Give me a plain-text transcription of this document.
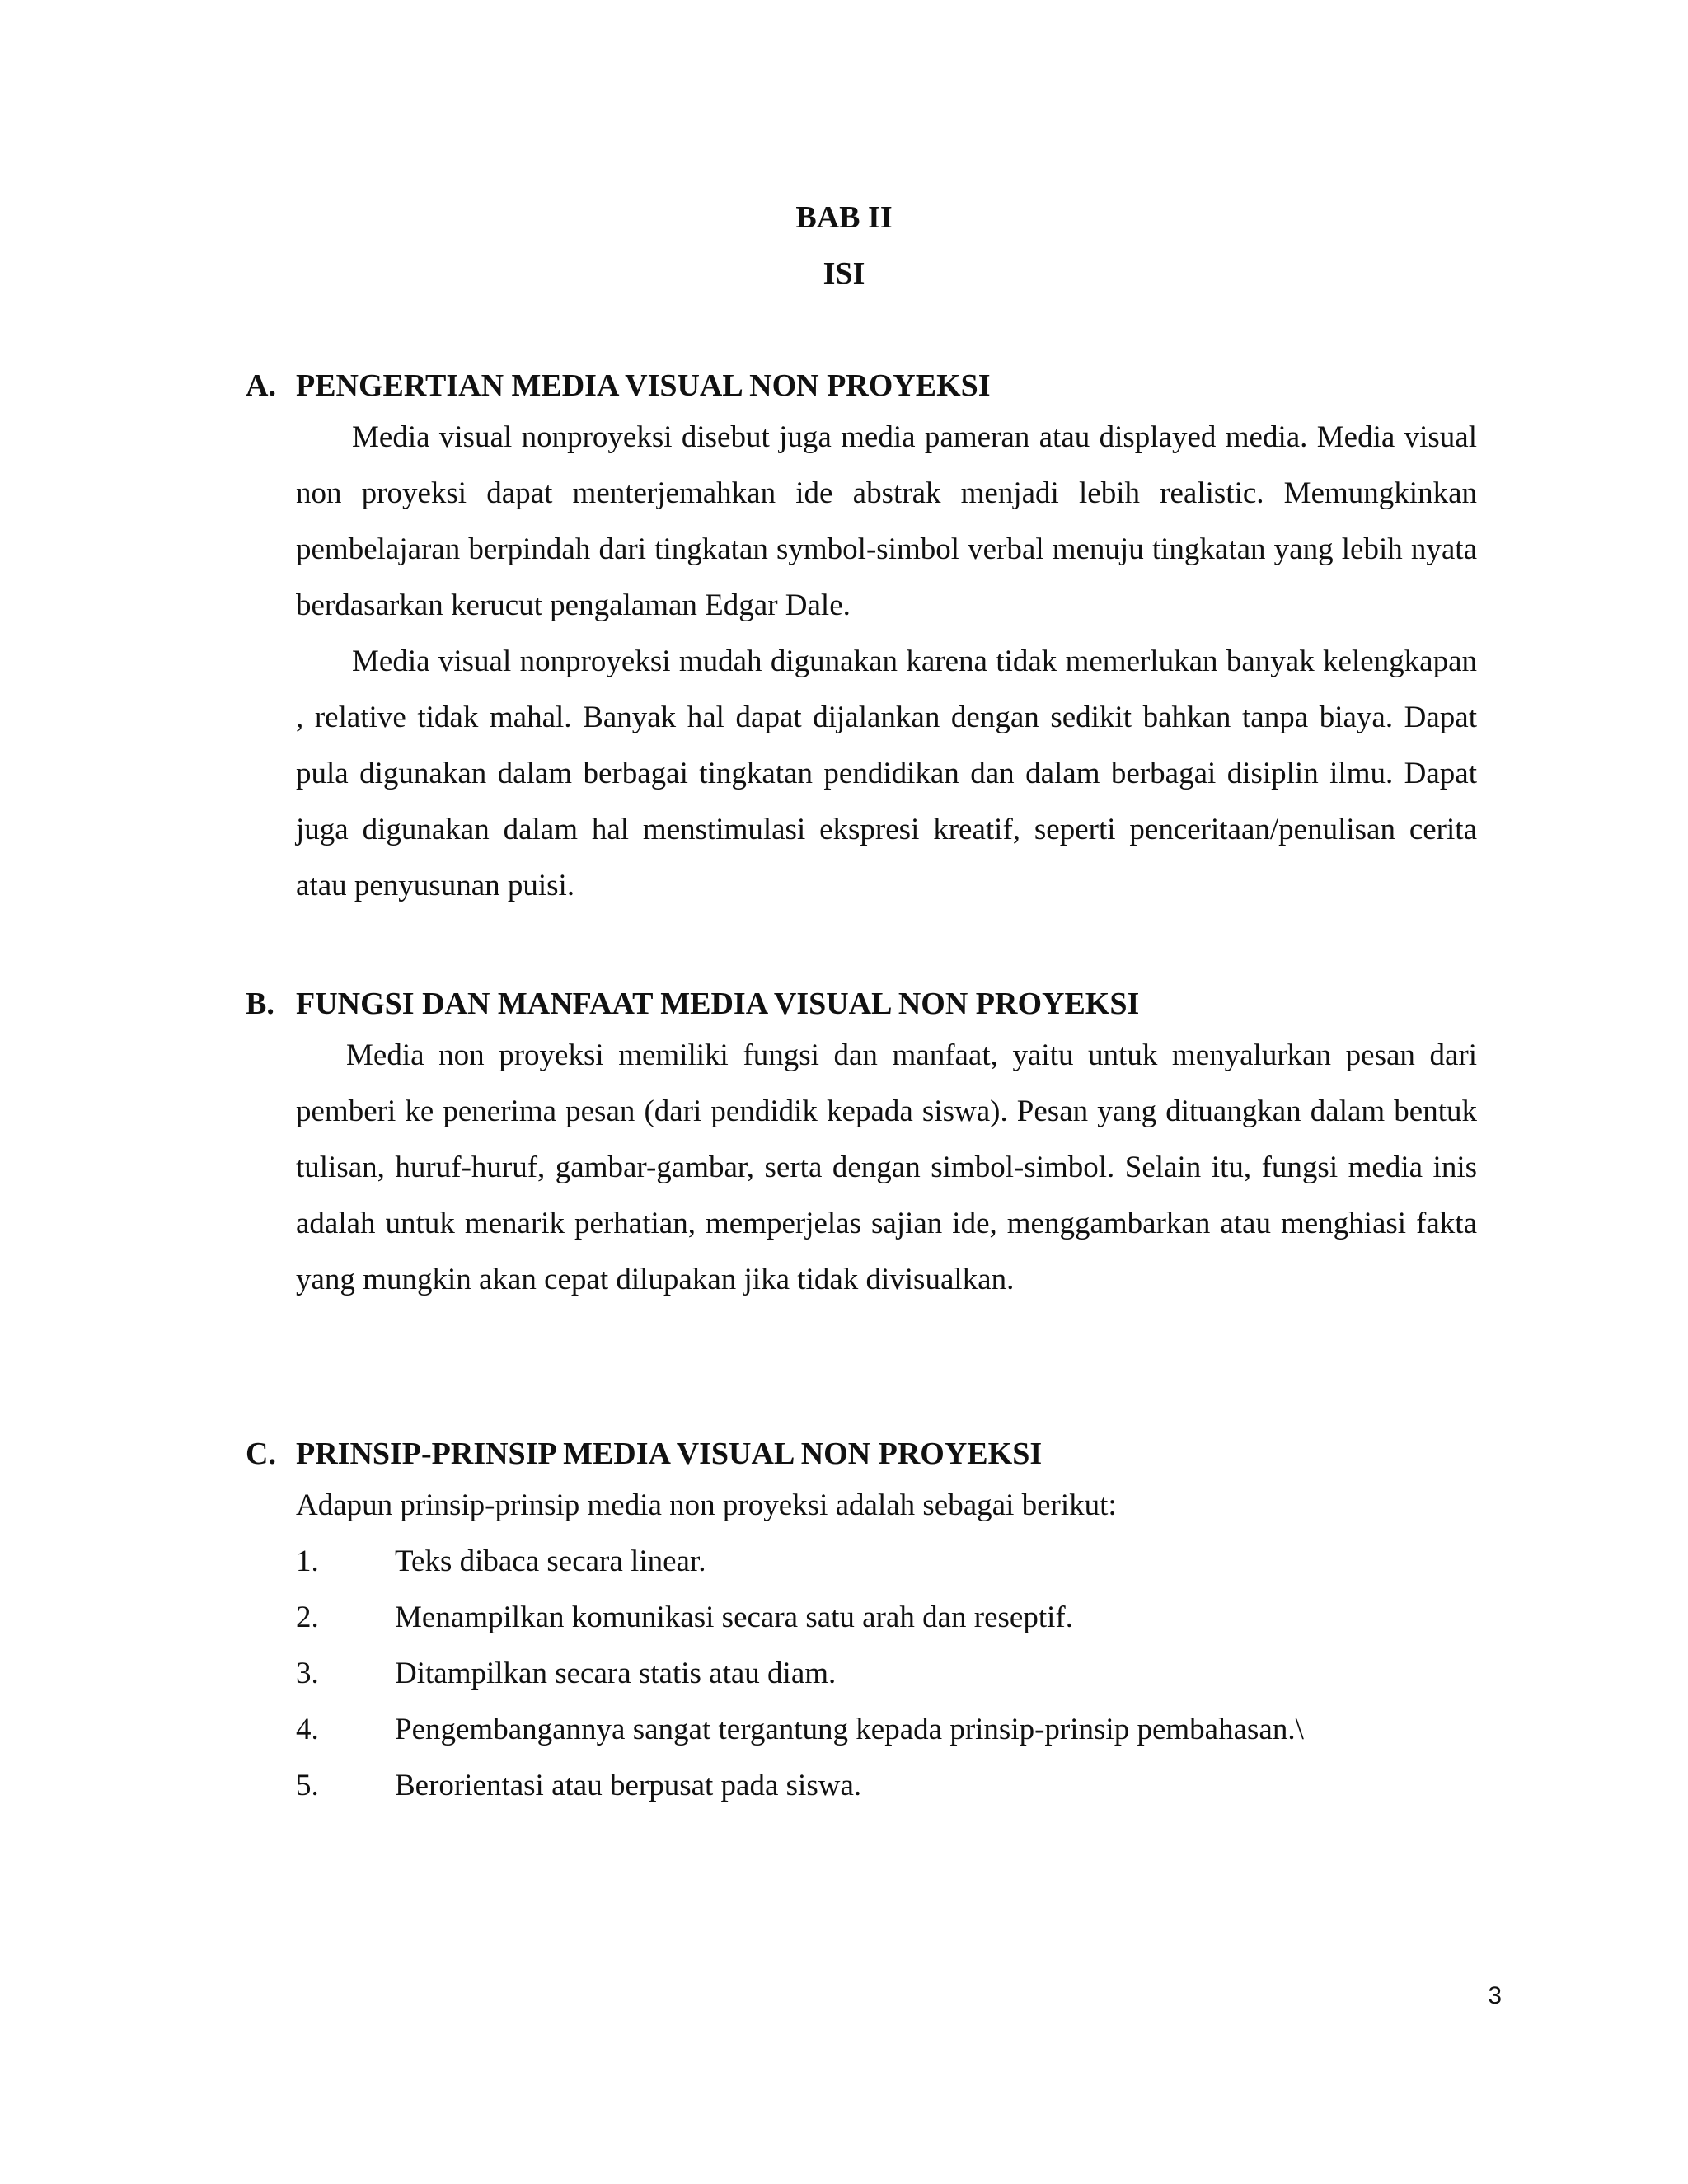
BAB II
ISI
A. PENGERTIAN MEDIA VISUAL NON PROYEKSI

Media visual nonproyeksi disebut juga media pameran atau displayed media. Media visual non proyeksi dapat menterjemahkan ide abstrak menjadi lebih realistic. Memungkinkan pembelajaran berpindah dari tingkatan symbol-simbol verbal menuju tingkatan yang lebih nyata berdasarkan kerucut pengalaman Edgar Dale.

Media visual nonproyeksi mudah digunakan karena tidak memerlukan banyak kelengkapan , relative tidak mahal. Banyak hal dapat dijalankan dengan sedikit bahkan tanpa biaya. Dapat pula digunakan dalam berbagai tingkatan pendidikan dan dalam berbagai disiplin ilmu. Dapat juga digunakan dalam hal menstimulasi ekspresi kreatif, seperti penceritaan/penulisan cerita atau penyusunan puisi.

B. FUNGSI DAN MANFAAT MEDIA VISUAL NON PROYEKSI

Media non proyeksi memiliki fungsi dan manfaat, yaitu untuk menyalurkan pesan dari pemberi ke penerima pesan (dari pendidik kepada siswa). Pesan yang dituangkan dalam bentuk tulisan, huruf-huruf, gambar-gambar, serta dengan simbol-simbol. Selain itu, fungsi media inis adalah untuk menarik perhatian, memperjelas sajian ide, menggambarkan atau menghiasi fakta yang mungkin akan cepat dilupakan jika tidak divisualkan.

C. PRINSIP-PRINSIP MEDIA VISUAL NON PROYEKSI

Adapun prinsip-prinsip media non proyeksi adalah sebagai berikut:

1.	Teks dibaca secara linear.
2.	Menampilkan komunikasi secara satu arah dan reseptif.
3.	Ditampilkan secara statis atau diam.
4.	Pengembangannya sangat tergantung kepada prinsip-prinsip pembahasan.\
5.	Berorientasi atau berpusat pada siswa.
3
